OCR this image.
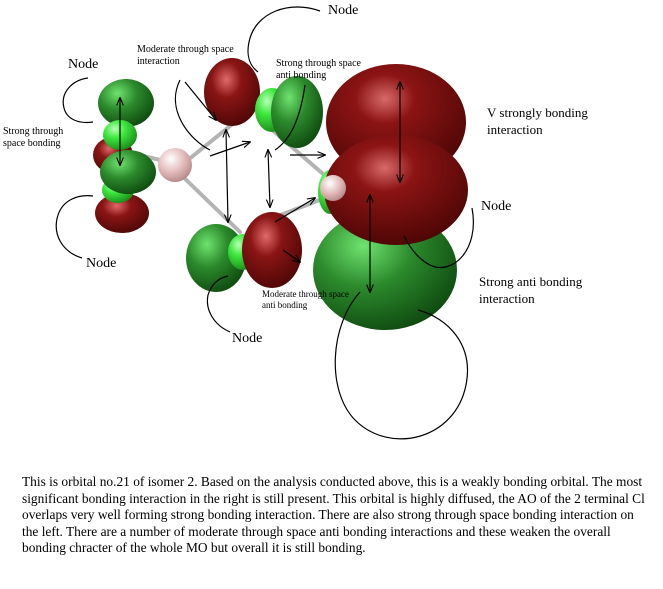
Node
Node
Node
Node
Node
Moderate through space interaction	Strong through space anti bonding
Strong through space bonding
Moderate through space anti bonding
V strongly bonding interaction
Strong anti bonding interaction
This is orbital no.21 of isomer 2. Based on the analysis conducted above, this is a weakly bonding orbital. The most significant bonding interaction in the right is still present. This orbital is highly diffused, the AO of the 2 terminal Cl overlaps very well forming strong bonding interaction. There are also strong through space bonding interaction on the left. There are a number of moderate through space anti bonding interactions and these weaken the overall bonding chracter of the whole MO but overall it is still bonding.
